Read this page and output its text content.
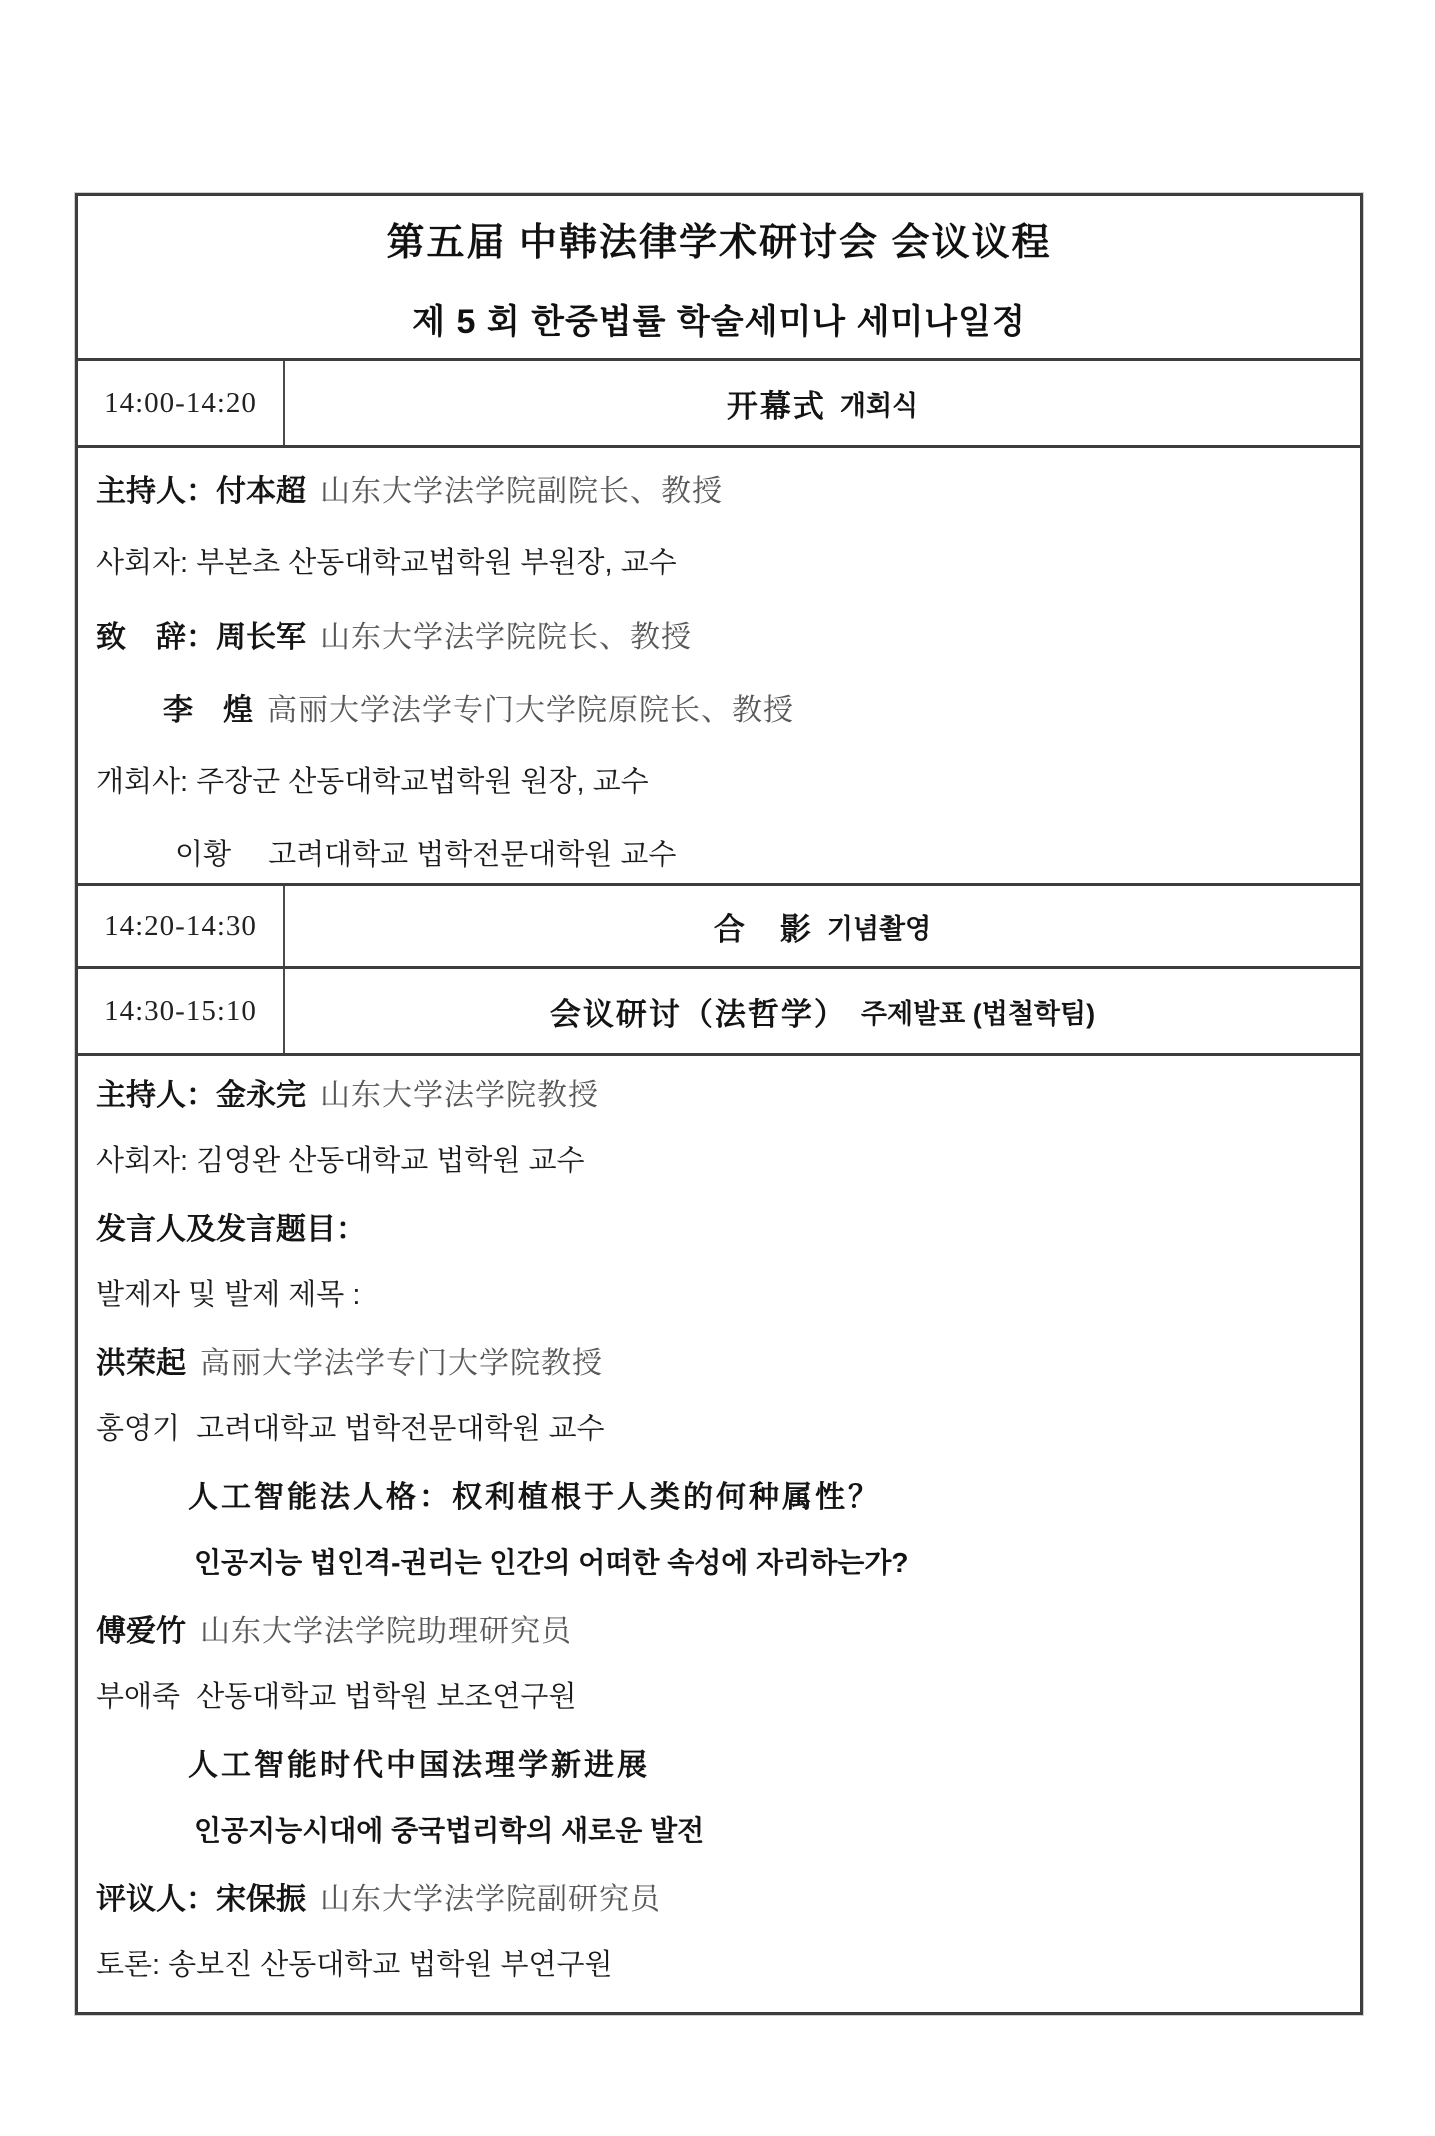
第五届 中韩法律学术研讨会 会议议程
제 5 회 한중법률 학술세미나 세미나일정
14:00-14:20	开幕式 개회식
主持人：付本超 山东大学法学院副院长、教授
사회자: 부본초 산동대학교법학원 부원장, 교수
致　辞：周长军 山东大学法学院院长、教授
李　煌 高丽大学法学专门大学院原院长、教授
개회사: 주장군 산동대학교법학원 원장, 교수
이황　 고려대학교 법학전문대학원 교수
14:20-14:30	合　影 기념촬영
14:30-15:10	会议研讨（法哲学） 주제발표 (법철학팀)
主持人：金永完 山东大学法学院教授
사회자: 김영완 산동대학교 법학원 교수
发言人及发言题目：
발제자 및 발제 제목 :
洪荣起 高丽大学法学专门大学院教授
홍영기  고려대학교 법학전문대학원 교수
人工智能法人格：权利植根于人类的何种属性？
인공지능 법인격-권리는 인간의 어떠한 속성에 자리하는가?
傅爱竹 山东大学法学院助理研究员
부애죽  산동대학교 법학원 보조연구원
人工智能时代中国法理学新进展
인공지능시대에 중국법리학의 새로운 발전
评议人：宋保振 山东大学法学院副研究员
토론: 송보진 산동대학교 법학원 부연구원
